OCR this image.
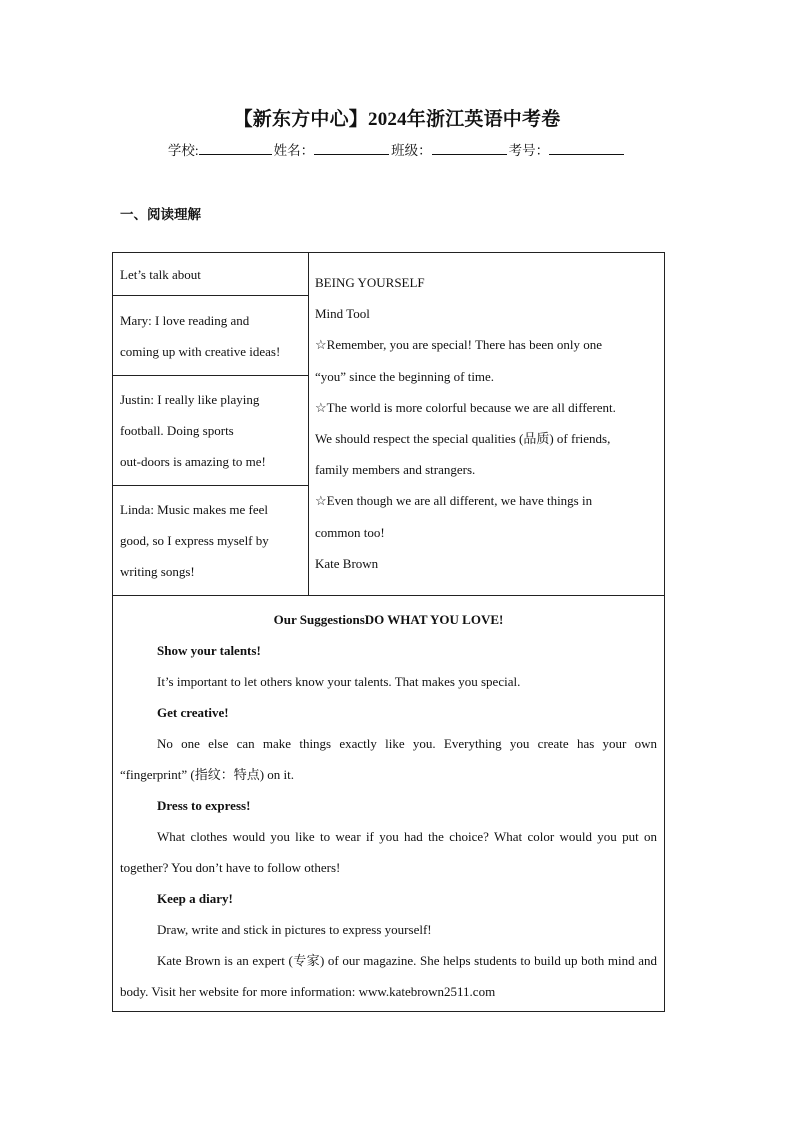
【新东方中心】2024年浙江英语中考卷
学校:	姓名：	班级：	考号：
一、阅读理解
Let’s talk about
Mary: I love reading and
coming up with creative ideas!
Justin: I really like playing
football. Doing sports
out-doors is amazing to me!
Linda: Music makes me feel
good, so I express myself by
writing songs!
BEING YOURSELF
Mind Tool
☆Remember, you are special! There has been only one
“you” since the beginning of time.
☆The world is more colorful because we are all different.
We should respect the special qualities (品质) of friends,
family members and strangers.
☆Even though we are all different, we have things in
common too!
Kate Brown
Our SuggestionsDO WHAT YOU LOVE!
Show your talents!
It’s important to let others know your talents. That makes you special.
Get creative!
No one else can make things exactly like you. Everything you create has your own “fingerprint” (指纹：特点) on it.
Dress to express!
What clothes would you like to wear if you had the choice? What color would you put on together? You don’t have to follow others!
Keep a diary!
Draw, write and stick in pictures to express yourself!
Kate Brown is an expert (专家) of our magazine. She helps students to build up both mind and body. Visit her website for more information: www.katebrown2511.com
